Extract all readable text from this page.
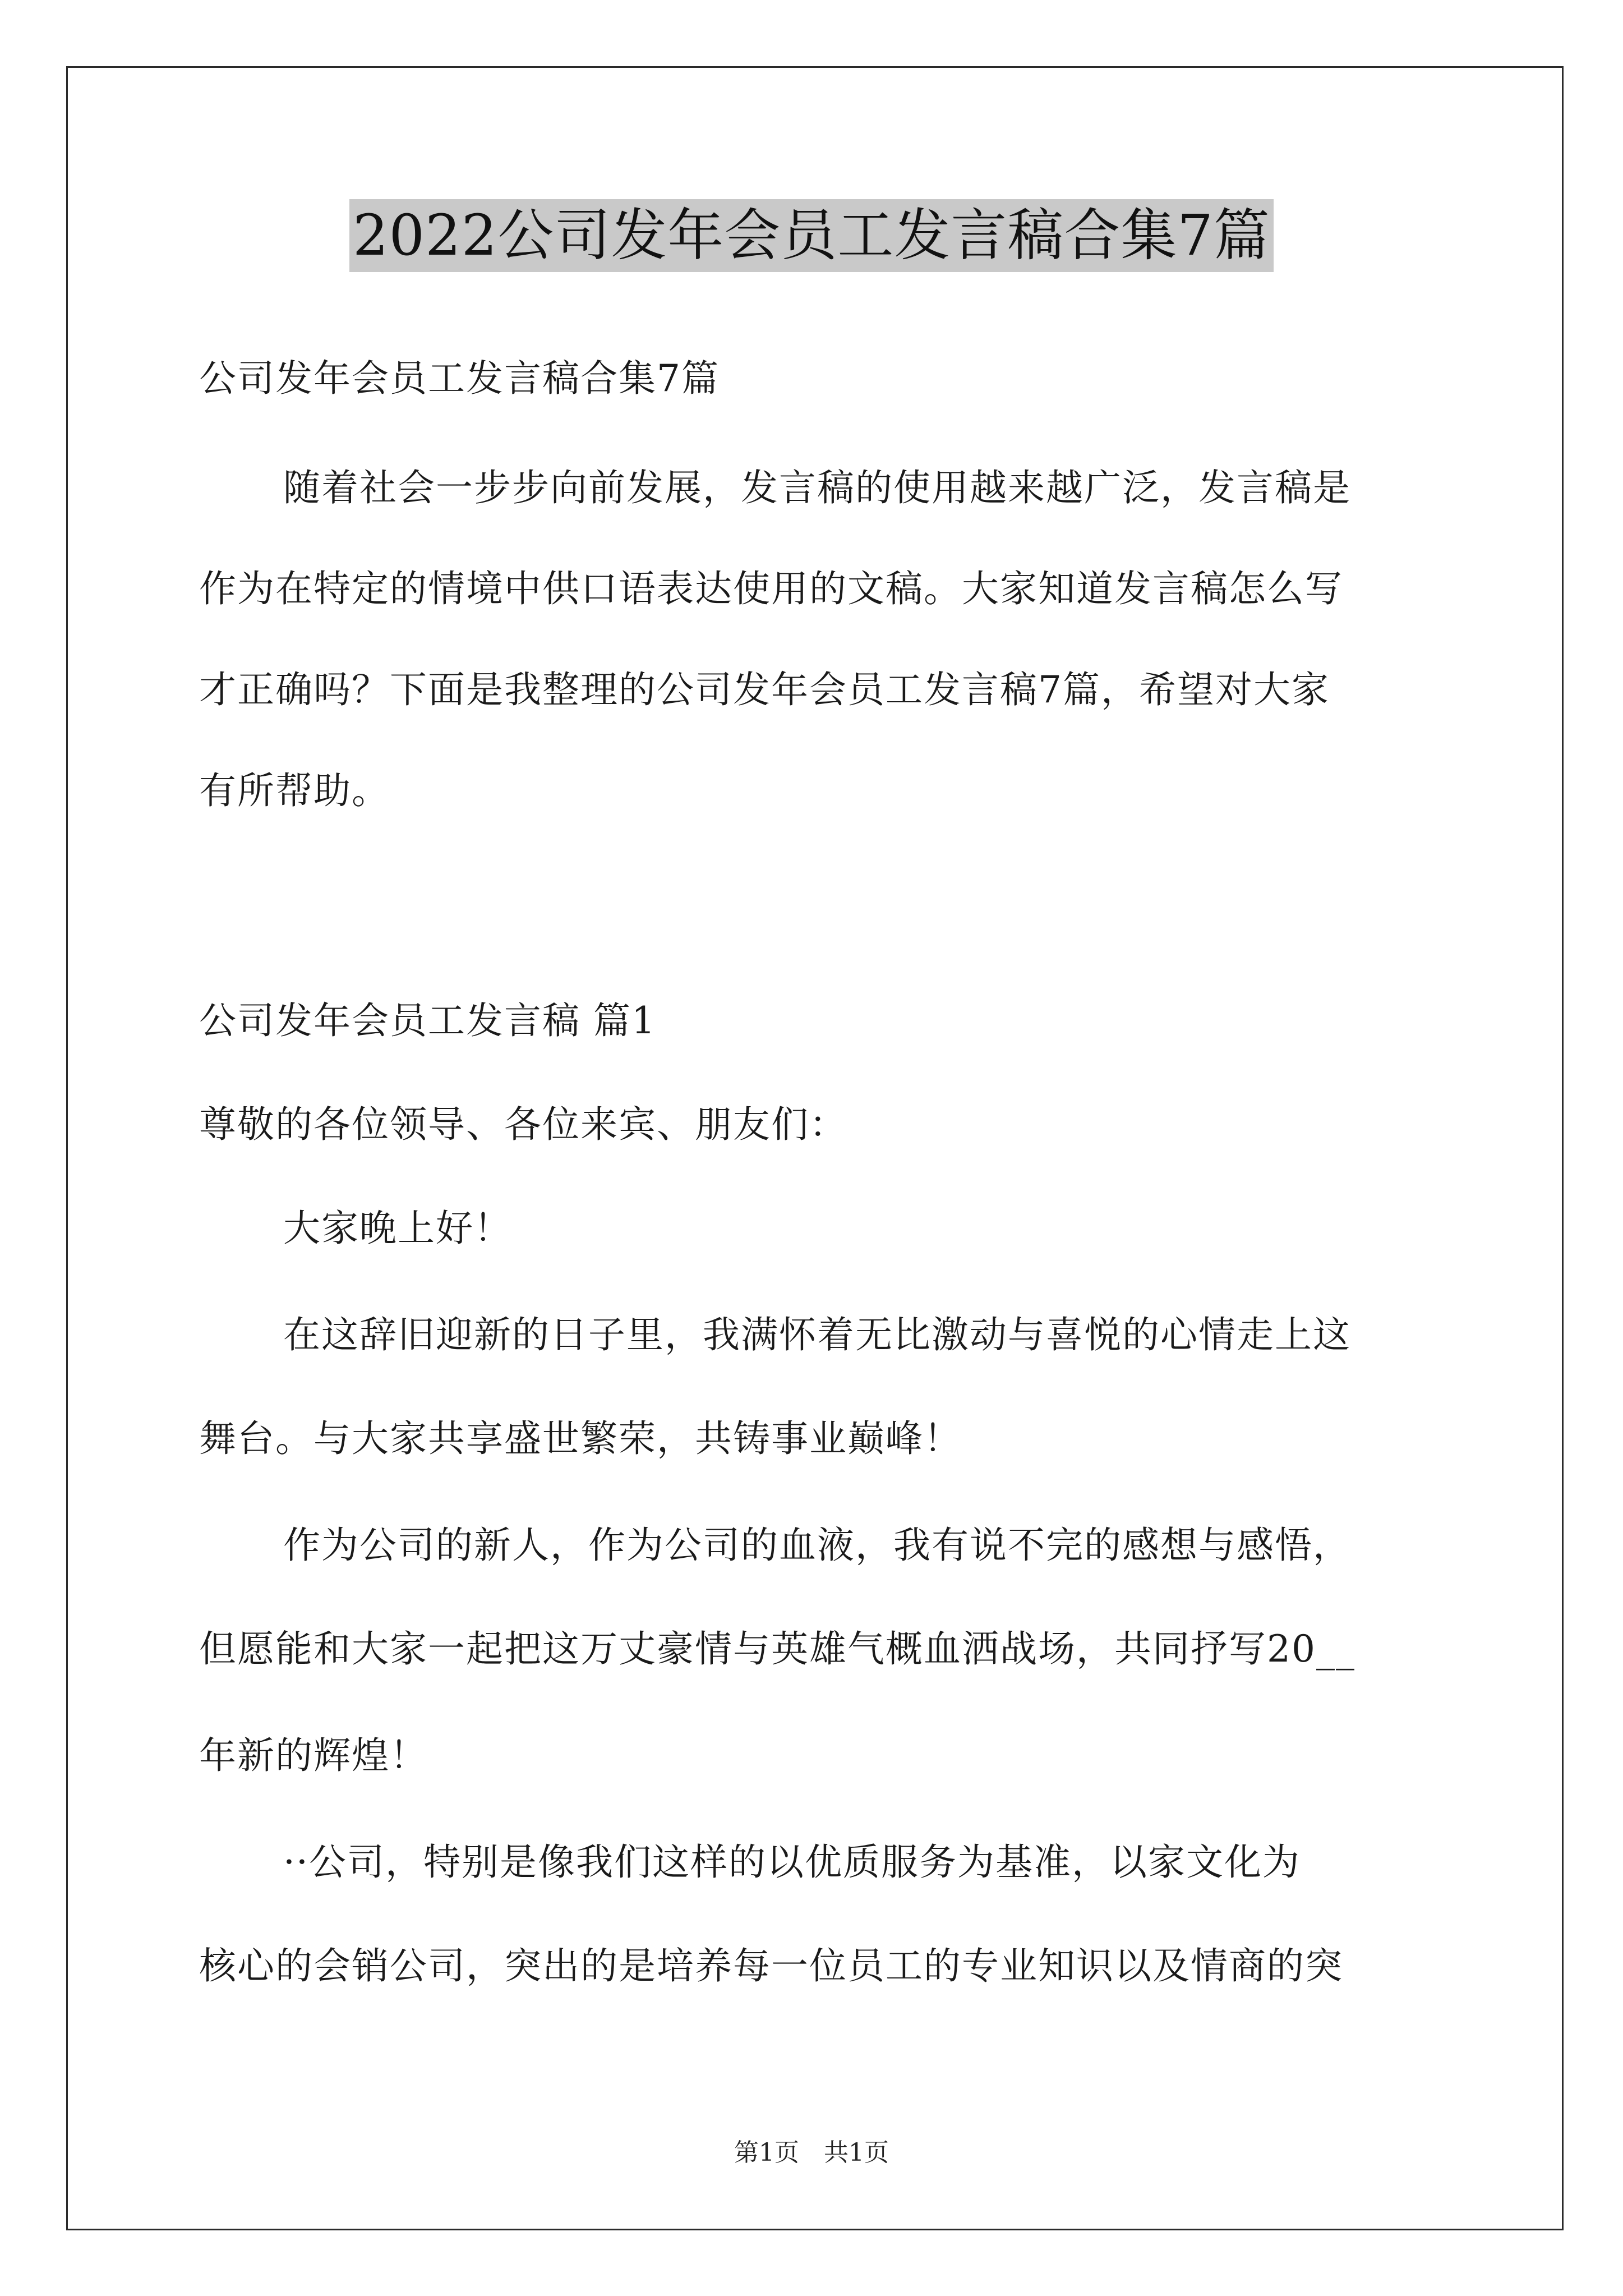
2022公司发年会员工发言稿合集7篇
公司发年会员工发言稿合集7篇
随着社会一步步向前发展，发言稿的使用越来越广泛，发言稿是
作为在特定的情境中供口语表达使用的文稿。大家知道发言稿怎么写
才正确吗？下面是我整理的公司发年会员工发言稿7篇，希望对大家
有所帮助。
公司发年会员工发言稿 篇1
尊敬的各位领导、各位来宾、朋友们：
大家晚上好！
在这辞旧迎新的日子里，我满怀着无比激动与喜悦的心情走上这
舞台。与大家共享盛世繁荣，共铸事业巅峰！
作为公司的新人，作为公司的血液，我有说不完的感想与感悟，
但愿能和大家一起把这万丈豪情与英雄气概血洒战场，共同抒写20__
年新的辉煌！
··公司，特别是像我们这样的以优质服务为基准，以家文化为
核心的会销公司，突出的是培养每一位员工的专业知识以及情商的突
第1页　共1页
